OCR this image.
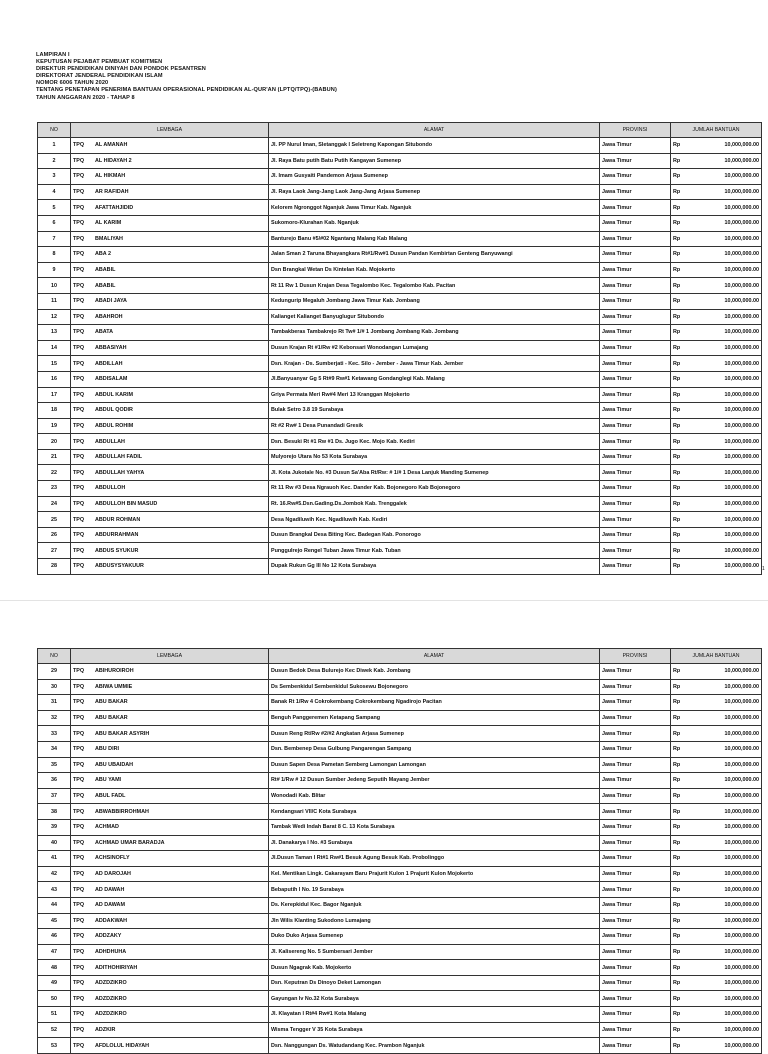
LAMPIRAN I
KEPUTUSAN PEJABAT PEMBUAT KOMITMEN
DIREKTUR PENDIDIKAN DINIYAH DAN PONDOK PESANTREN
DIREKTORAT JENDERAL PENDIDIKAN ISLAM
NOMOR 6006 TAHUN 2020
TENTANG PENETAPAN PENERIMA BANTUAN OPERASIONAL PENDIDIKAN AL-QUR'AN (LPTQ/TPQ)-(BABUN)
TAHUN ANGGARAN 2020 - TAHAP 8
NO	LEMBAGA	ALAMAT	PROVINSI	JUMLAH BANTUAN
1	TPQ AL AMANAH	Jl. PP Nurul Iman, Sletanggak I Seletreng Kapongan Situbondo	Jawa Timur	Rp 10,000,000.00

2	TPQ AL HIDAYAH 2	Jl. Raya Batu putih Batu Putih Kangayan Sumenep	Jawa Timur	Rp 10,000,000.00

3	TPQ AL HIKMAH	Jl. Imam Gusyaiti Pandemon Arjasa Sumenep	Jawa Timur	Rp 10,000,000.00

4	TPQ AR RAFIDAH	Jl. Raya Laok Jang-Jang Laok Jang-Jang Arjasa Sumenep	Jawa Timur	Rp 10,000,000.00

5	TPQ AFATTAHJIDID	Kelorem Ngronggot Nganjuk Jawa Timur Kab. Nganjuk	Jawa Timur	Rp 10,000,000.00

6	TPQ AL KARIM	Sukomoro-Klurahan Kab. Nganjuk	Jawa Timur	Rp 10,000,000.00

7	TPQ BMALIYAH	Banturejo Banu #5/#02 Ngantang Malang Kab Malang	Jawa Timur	Rp 10,000,000.00

8	TPQ ABA 2	Jalan Sman 2 Taruna Bhayangkara Rt#1/Rw#1 Dusun Pandan Kembirtan Genteng Banyuwangi	Jawa Timur	Rp 10,000,000.00

9	TPQ ABABIL	Dsn Brangkal Wetan Ds Kintelan Kab. Mojokerto	Jawa Timur	Rp 10,000,000.00

10	TPQ ABABIL	Rt 11 Rw 1 Dusun Krajan Desa Tegalombo Kec. Tegalombo Kab. Pacitan	Jawa Timur	Rp 10,000,000.00

11	TPQ ABADI JAYA	Kedungurip Megaluh Jombang Jawa Timur Kab. Jombang	Jawa Timur	Rp 10,000,000.00

12	TPQ ABAHROH	Kalianget Kalianget Banyuglugur Situbondo	Jawa Timur	Rp 10,000,000.00

13	TPQ ABATA	Tambakberas Tambakrejo Rt Tw# 1/# 1 Jombang Jombang Kab. Jombang	Jawa Timur	Rp 10,000,000.00

14	TPQ ABBASIYAH	Dusun Krajan Rt #1/Rw #2 Kebonsari Wonodangan Lumajang	Jawa Timur	Rp 10,000,000.00

15	TPQ ABDILLAH	Dsn. Krajan - Ds. Sumberjati - Kec. Silo - Jember - Jawa Timur Kab. Jember	Jawa Timur	Rp 10,000,000.00

16	TPQ ABDISALAM	Jl.Banyuanyar Gg 5 Rt#9 Rw#1 Ketawang Gondanglegi Kab. Malang	Jawa Timur	Rp 10,000,000.00

17	TPQ ABDUL KARIM	Griya Permata Meri Rw#4 Meri 13 Kranggan Mojokerto	Jawa Timur	Rp 10,000,000.00

18	TPQ ABDUL QODIR	Bulak Setro 3.8 19 Surabaya	Jawa Timur	Rp 10,000,000.00

19	TPQ ABDUL ROHIM	Rt #2 Rw# 1 Desa Punandadi Gresik	Jawa Timur	Rp 10,000,000.00

20	TPQ ABDULLAH	Dsn. Besuki Rt #1 Rw #1 Ds. Jugo Kec. Mojo Kab. Kediri	Jawa Timur	Rp 10,000,000.00

21	TPQ ABDULLAH FADIL	Mulyorejo Utara No 53 Kota Surabaya	Jawa Timur	Rp 10,000,000.00

22	TPQ ABDULLAH YAHYA	Jl. Kota Jukotale No. #3 Dusun Sa'Aba Rt/Rw: # 1/# 1 Desa Lanjuk Manding Sumenep	Jawa Timur	Rp 10,000,000.00

23	TPQ ABDULLOH	Rt 11 Rw #3 Desa Ngrauoh Kec. Dander Kab. Bojonegoro Kab Bojonegoro	Jawa Timur	Rp 10,000,000.00

24	TPQ ABDULLOH BIN MASUD	Rt. 16.Rw#5.Dsn.Gading.Ds.Jombok Kab. Trenggalek	Jawa Timur	Rp 10,000,000.00

25	TPQ ABDUR ROHMAN	Desa Ngadiluwih Kec. Ngadiluwih Kab. Kediri	Jawa Timur	Rp 10,000,000.00

26	TPQ ABDURRAHMAN	Dusun Brangkal Desa Biting Kec. Badegan Kab. Ponorogo	Jawa Timur	Rp 10,000,000.00

27	TPQ ABDUS SYUKUR	Punggulrejo Rengel Tuban Jawa Timur Kab. Tuban	Jawa Timur	Rp 10,000,000.00

28	TPQ ABDUSYSYAKUUR	Dupak Rukun Gg III No 12 Kota Surabaya	Jawa Timur	Rp 10,000,000.00 1
NO	LEMBAGA	ALAMAT	PROVINSI	JUMLAH BANTUAN
29	TPQ ABIHUROIROH	Dusun Bedok Desa Bulurejo Kec Diwek Kab. Jombang	Jawa Timur	Rp 10,000,000.00

30	TPQ ABIWA UMMIE	Ds Sembenkidul Sembenkidul Sukosewu Bojonegoro	Jawa Timur	Rp 10,000,000.00

31	TPQ ABU BAKAR	Banak Rt 1/Rw 4 Cokrokembang Cokrokembang Ngadirojo Pacitan	Jawa Timur	Rp 10,000,000.00

32	TPQ ABU BAKAR	Benguh Panggeremen Ketapang Sampang	Jawa Timur	Rp 10,000,000.00

33	TPQ ABU BAKAR ASYRIH	Dusun Reng Rt/Rw #2/#2 Angkatan Arjasa Sumenep	Jawa Timur	Rp 10,000,000.00

34	TPQ ABU DIRI	Dsn. Bembenep Desa Gulbung Pangarengan Sampang	Jawa Timur	Rp 10,000,000.00

35	TPQ ABU UBAIDAH	Dusun Sapen Desa Pametan Semberg Lamongan Lamongan	Jawa Timur	Rp 10,000,000.00

36	TPQ ABU YAMI	Rt# 1/Rw # 12 Dusun Sumber Jedeng Seputih Mayang Jember	Jawa Timur	Rp 10,000,000.00

37	TPQ ABUL FADL	Wonodadi Kab. Blitar	Jawa Timur	Rp 10,000,000.00

38	TPQ ABWABBIRROHMAH	Kendangsari VII/C Kota Surabaya	Jawa Timur	Rp 10,000,000.00

39	TPQ ACHMAD	Tambak Wedi Indah Barat 8 C. 13 Kota Surabaya	Jawa Timur	Rp 10,000,000.00

40	TPQ ACHMAD UMAR BARADJA	Jl. Danakarya I No. #3 Surabaya	Jawa Timur	Rp 10,000,000.00

41	TPQ ACHSINOFLY	Jl.Dusun Taman I Rt#1 Rw#1 Besuk Agung Besuk Kab. Probolinggo	Jawa Timur	Rp 10,000,000.00

42	TPQ AD DAROJAH	Kel. Mentikan Lingk. Cakarayam Baru Prajurit Kulon 1 Prajurit Kulon Mojokerto	Jawa Timur	Rp 10,000,000.00

43	TPQ AD DAWAH	Bebaputih I No. 19 Surabaya	Jawa Timur	Rp 10,000,000.00

44	TPQ AD DAWAM	Ds. Kerepkidul Kec. Bagor Nganjuk	Jawa Timur	Rp 10,000,000.00

45	TPQ ADDAKWAH	Jln Wilis Klanting Sukodono Lumajang	Jawa Timur	Rp 10,000,000.00

46	TPQ ADDZAKY	Duko Duko Arjasa Sumenep	Jawa Timur	Rp 10,000,000.00

47	TPQ ADHDHUHA	Jl. Kalisereng No. 5 Sumbersari Jember	Jawa Timur	Rp 10,000,000.00

48	TPQ ADITHOHIRIYAH	Dusun Ngagrak Kab. Mojokerto	Jawa Timur	Rp 10,000,000.00

49	TPQ ADZDZIKRO	Dsn. Keputran Ds Dinoyo Deket Lamongan	Jawa Timur	Rp 10,000,000.00

50	TPQ ADZDZIKRO	Gayungan Iv No.32 Kota Surabaya	Jawa Timur	Rp 10,000,000.00

51	TPQ ADZDZIKRO	Jl. Klayatan I Rt#4 Rw#1 Kota Malang	Jawa Timur	Rp 10,000,000.00

52	TPQ ADZKIR	Wisma Tengger V 35 Kota Surabaya	Jawa Timur	Rp 10,000,000.00

53	TPQ AFDLOLUL HIDAYAH	Dsn. Nanggungan Ds. Watudandang Kec. Prambon Nganjuk	Jawa Timur	Rp 10,000,000.00
